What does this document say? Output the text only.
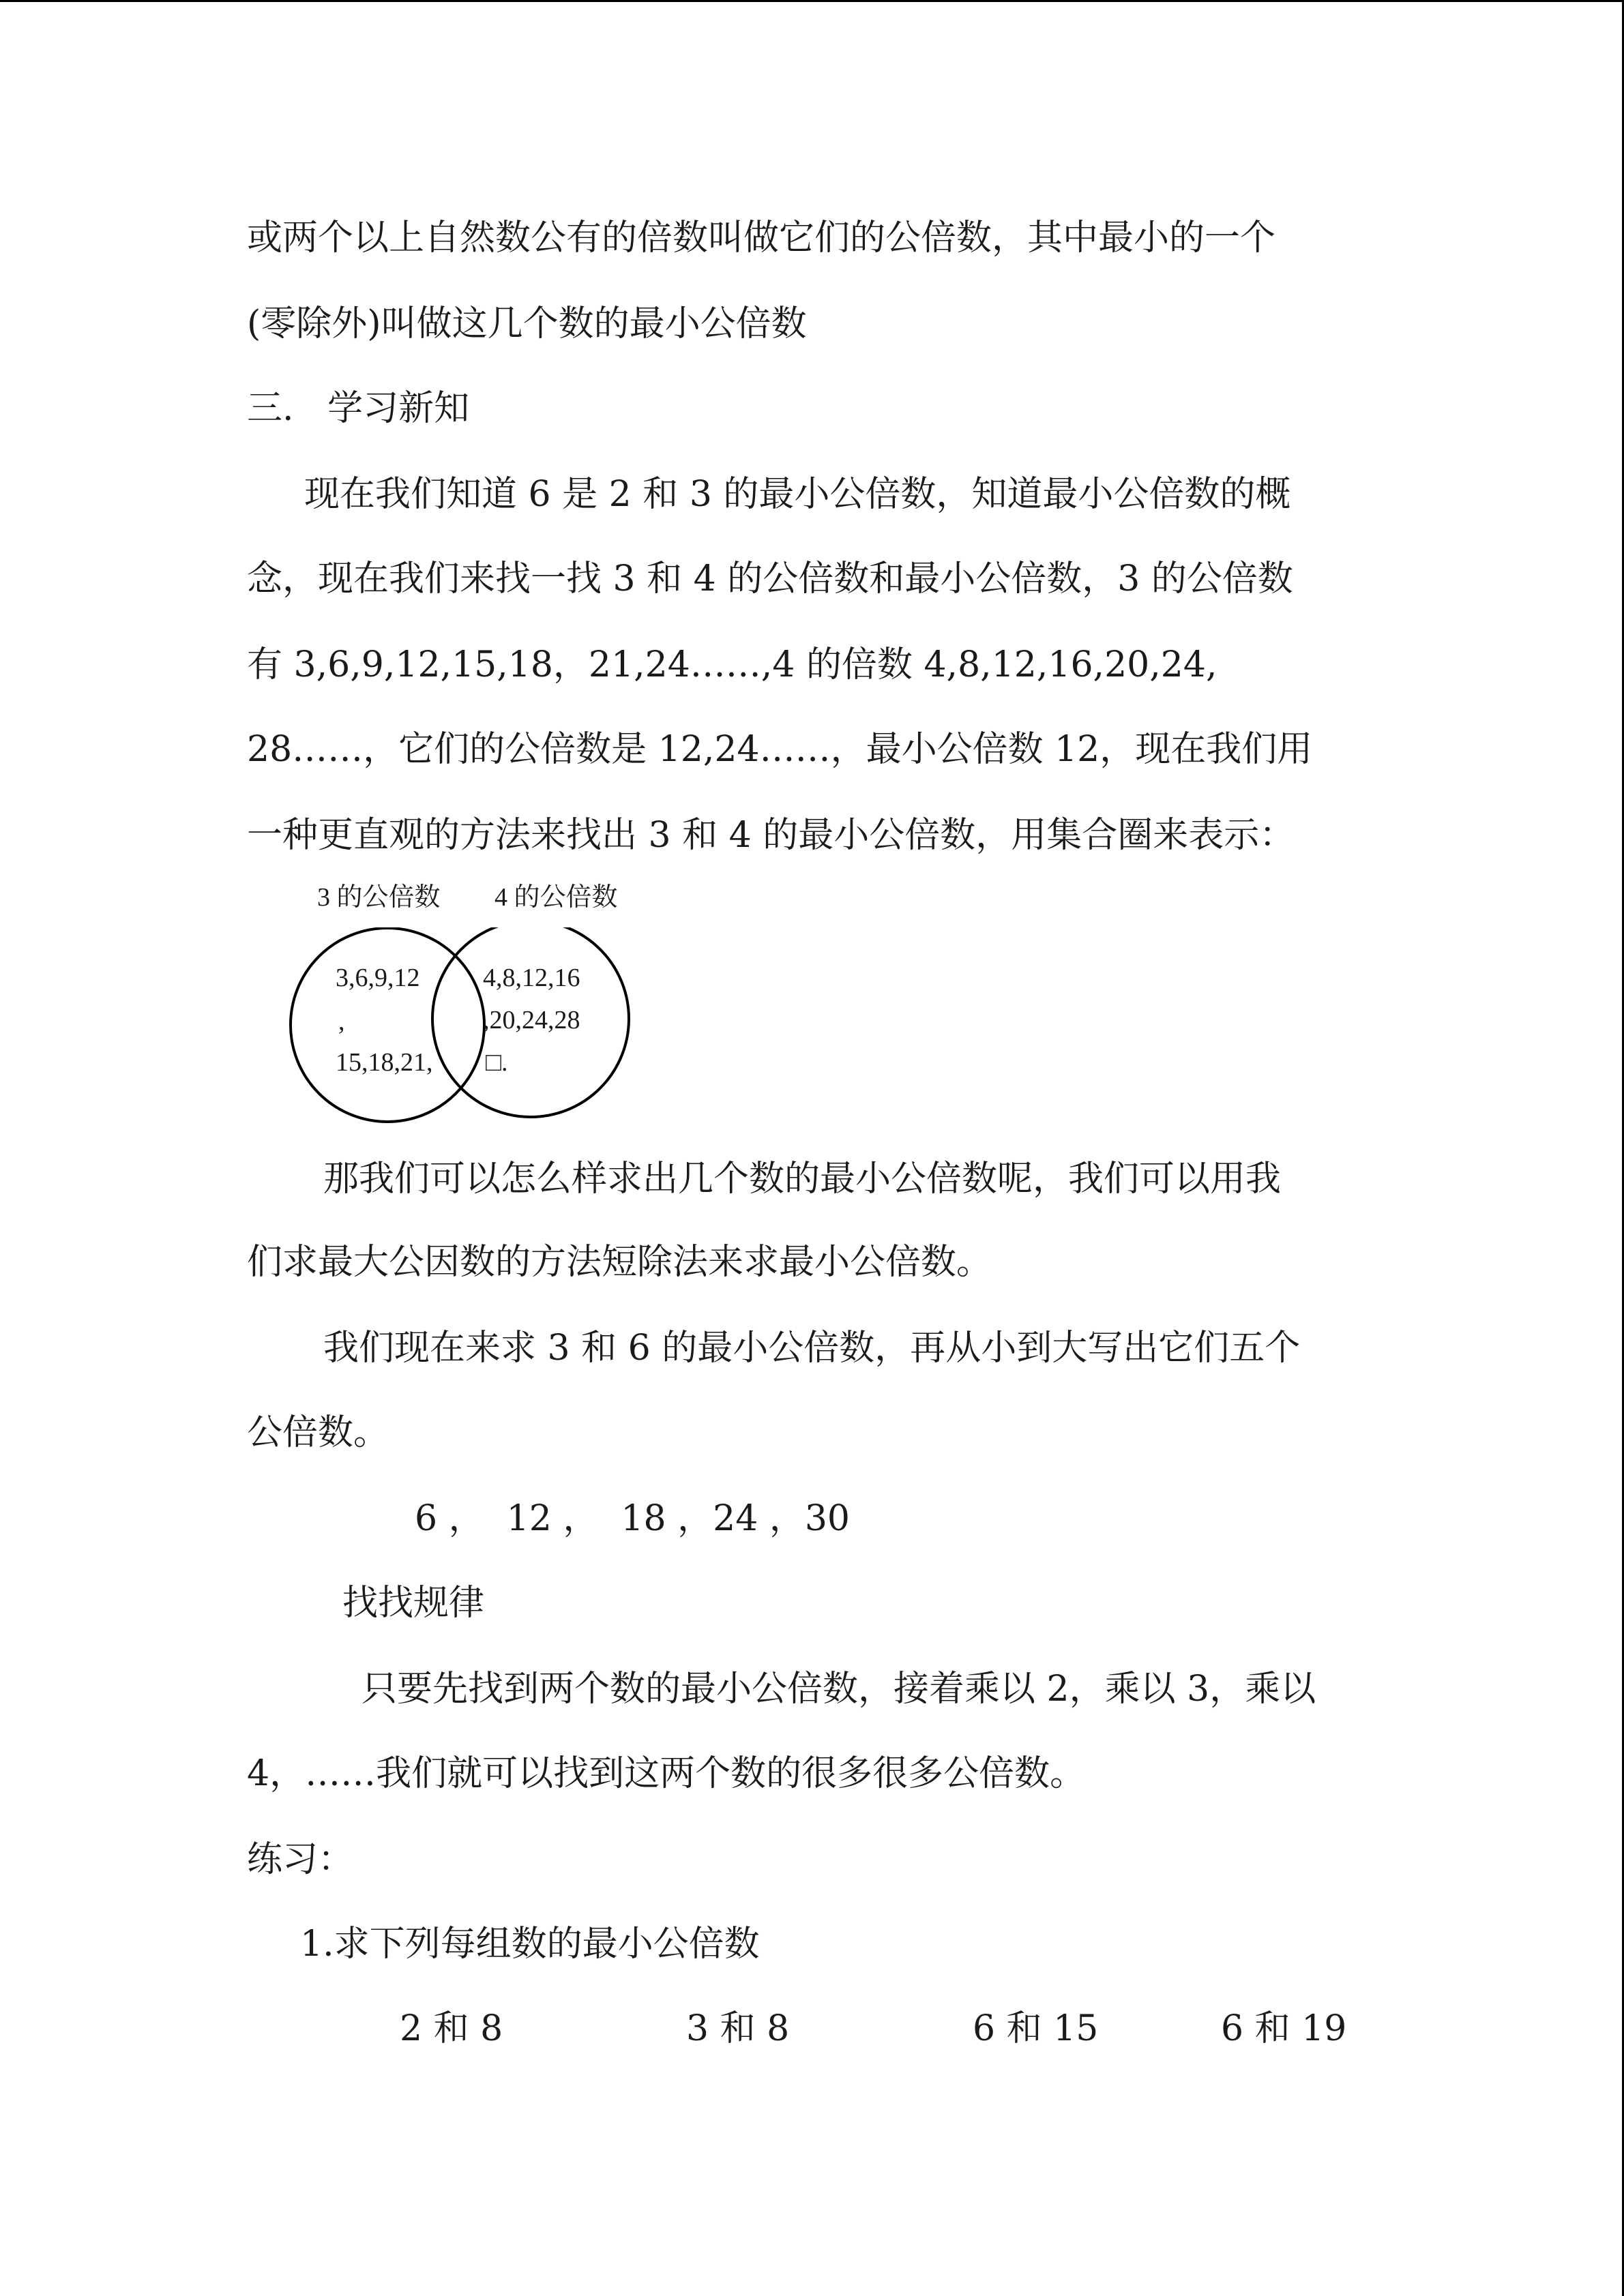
或两个以上自然数公有的倍数叫做它们的公倍数，其中最小的一个
(零除外)叫做这几个数的最小公倍数
三.   学习新知
现在我们知道 6 是 2 和 3 的最小公倍数，知道最小公倍数的概
念，现在我们来找一找 3 和 4 的公倍数和最小公倍数，3 的公倍数
有 3,6,9,12,15,18，21,24……,4 的倍数 4,8,12,16,20,24,
28……，它们的公倍数是 12,24……，最小公倍数 12，现在我们用
一种更直观的方法来找出 3 和 4 的最小公倍数，用集合圈来表示：
3 的公倍数 4 的公倍数
3,6,9,12
,
15,18,21,
4,8,12,16
,20,24,28
□.
那我们可以怎么样求出几个数的最小公倍数呢，我们可以用我
们求最大公因数的方法短除法来求最小公倍数。
我们现在来求 3 和 6 的最小公倍数，再从小到大写出它们五个
公倍数。
6 ，  12 ，  18 ，24 ，30
找找规律
只要先找到两个数的最小公倍数，接着乘以 2，乘以 3，乘以
4，……我们就可以找到这两个数的很多很多公倍数。
练习：
1.求下列每组数的最小公倍数
2 和 8	3 和 8	6 和 15	6 和 19
